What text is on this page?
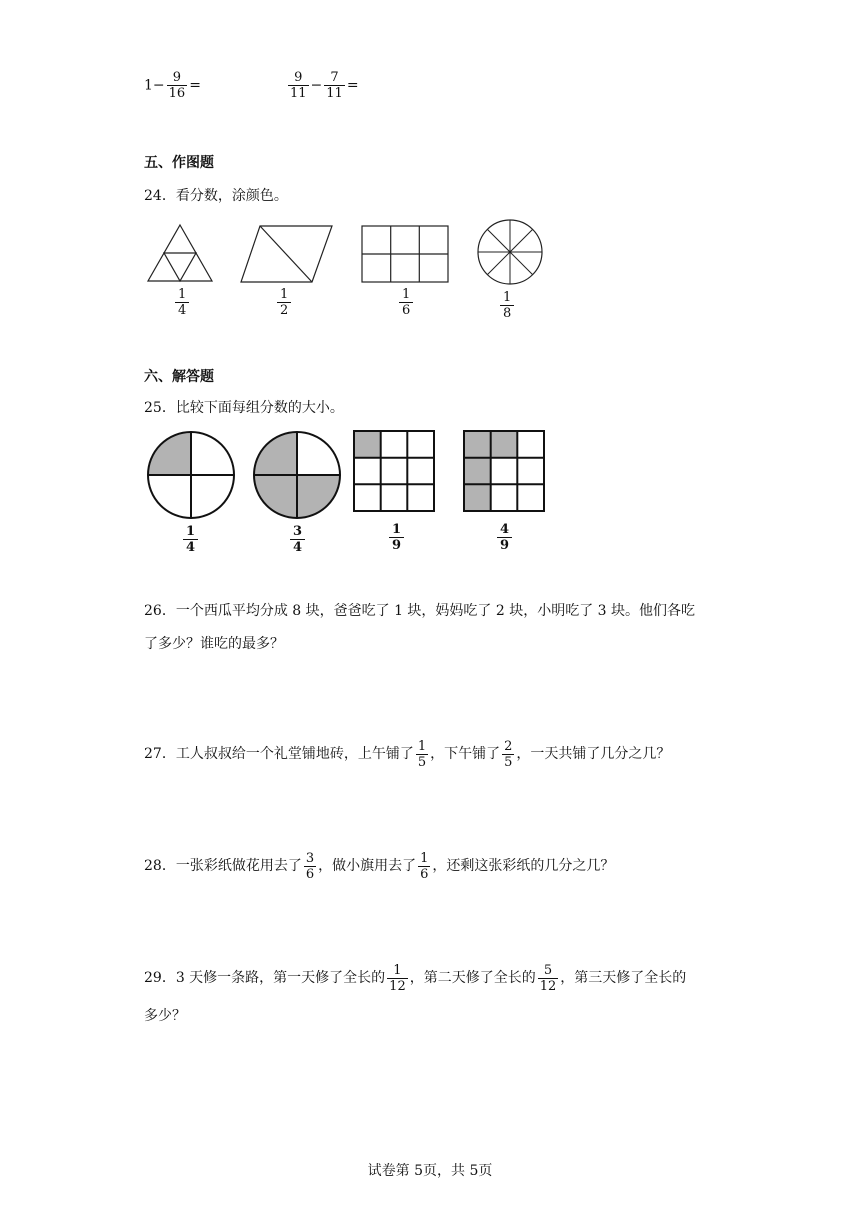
$1- \frac{9}{16}$ =	$\frac{9}{11} - \frac{7}{11}$ =
五、作图题
24．看分数，涂颜色。
1
4
1
2
1
6
1
8
六、解答题
25．比较下面每组分数的大小。
1
4
3
4
1
9
4
9
26．一个西瓜平均分成 8 块，爸爸吃了 1 块，妈妈吃了 2 块，小明吃了 3 块。他们各吃
了多少？谁吃的最多？
27．工人叔叔给一个礼堂铺地砖，上午铺了 $\frac{1}{5}$ ，下午铺了 $\frac{2}{5}$ ，一天共铺了几分之几？
28．一张彩纸做花用去了 $\frac{3}{6}$ ，做小旗用去了 $\frac{1}{6}$ ，还剩这张彩纸的几分之几？
29．3 天修一条路，第一天修了全长的 $\frac{1}{12}$ ，第二天修了全长的 $\frac{5}{12}$ ，第三天修了全长的
多少？
试卷第 5页，共 5页
